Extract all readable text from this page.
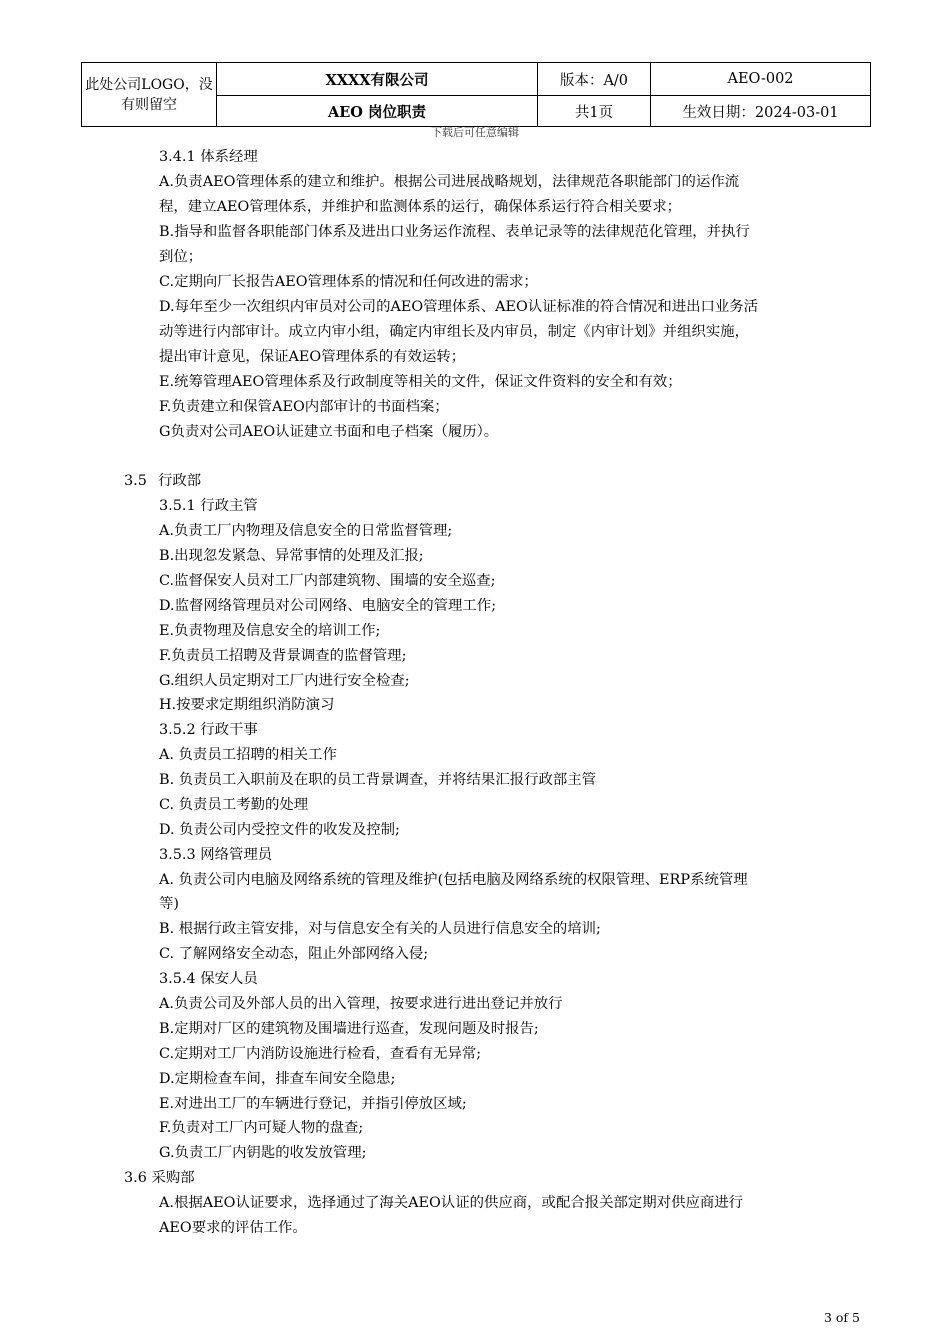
此处公司LOGO，没有则留空	XXXX有限公司	版本：A/0	AEO-002
	AEO 岗位职责	共1页	生效日期：2024-03-01
下载后可任意编辑
3.4.1 体系经理
A.负责AEO管理体系的建立和维护。根据公司进展战略规划，法律规范各职能部门的运作流
程，建立AEO管理体系，并维护和监测体系的运行，确保体系运行符合相关要求；
B.指导和监督各职能部门体系及进出口业务运作流程、表单记录等的法律规范化管理，并执行
到位；
C.定期向厂长报告AEO管理体系的情况和任何改进的需求；
D.每年至少一次组织内审员对公司的AEO管理体系、AEO认证标准的符合情况和进出口业务活
动等进行内部审计。成立内审小组，确定内审组长及内审员，制定《内审计划》并组织实施，
提出审计意见，保证AEO管理体系的有效运转；
E.统筹管理AEO管理体系及行政制度等相关的文件，保证文件资料的安全和有效；
F.负责建立和保管AEO内部审计的书面档案；
G负责对公司AEO认证建立书面和电子档案（履历）。
3.5 行政部
3.5.1 行政主管
A.负责工厂内物理及信息安全的日常监督管理;
B.出现忽发紧急、异常事情的处理及汇报;
C.监督保安人员对工厂内部建筑物、围墙的安全巡查;
D.监督网络管理员对公司网络、电脑安全的管理工作;
E.负责物理及信息安全的培训工作;
F.负责员工招聘及背景调查的监督管理;
G.组织人员定期对工厂内进行安全检查;
H.按要求定期组织消防演习
3.5.2 行政干事
A. 负责员工招聘的相关工作
B. 负责员工入职前及在职的员工背景调查，并将结果汇报行政部主管
C. 负责员工考勤的处理
D. 负责公司内受控文件的收发及控制;
3.5.3 网络管理员
A. 负责公司内电脑及网络系统的管理及维护(包括电脑及网络系统的权限管理、ERP系统管理
等)
B. 根据行政主管安排，对与信息安全有关的人员进行信息安全的培训;
C. 了解网络安全动态，阻止外部网络入侵;
3.5.4 保安人员
A.负责公司及外部人员的出入管理，按要求进行进出登记并放行
B.定期对厂区的建筑物及围墙进行巡查，发现问题及时报告;
C.定期对工厂内消防设施进行检看，查看有无异常;
D.定期检查车间，排查车间安全隐患;
E.对进出工厂的车辆进行登记，并指引停放区域;
F.负责对工厂内可疑人物的盘查;
G.负责工厂内钥匙的收发放管理;
3.6 采购部
A.根据AEO认证要求，选择通过了海关AEO认证的供应商，或配合报关部定期对供应商进行
AEO要求的评估工作。
3 of 5
